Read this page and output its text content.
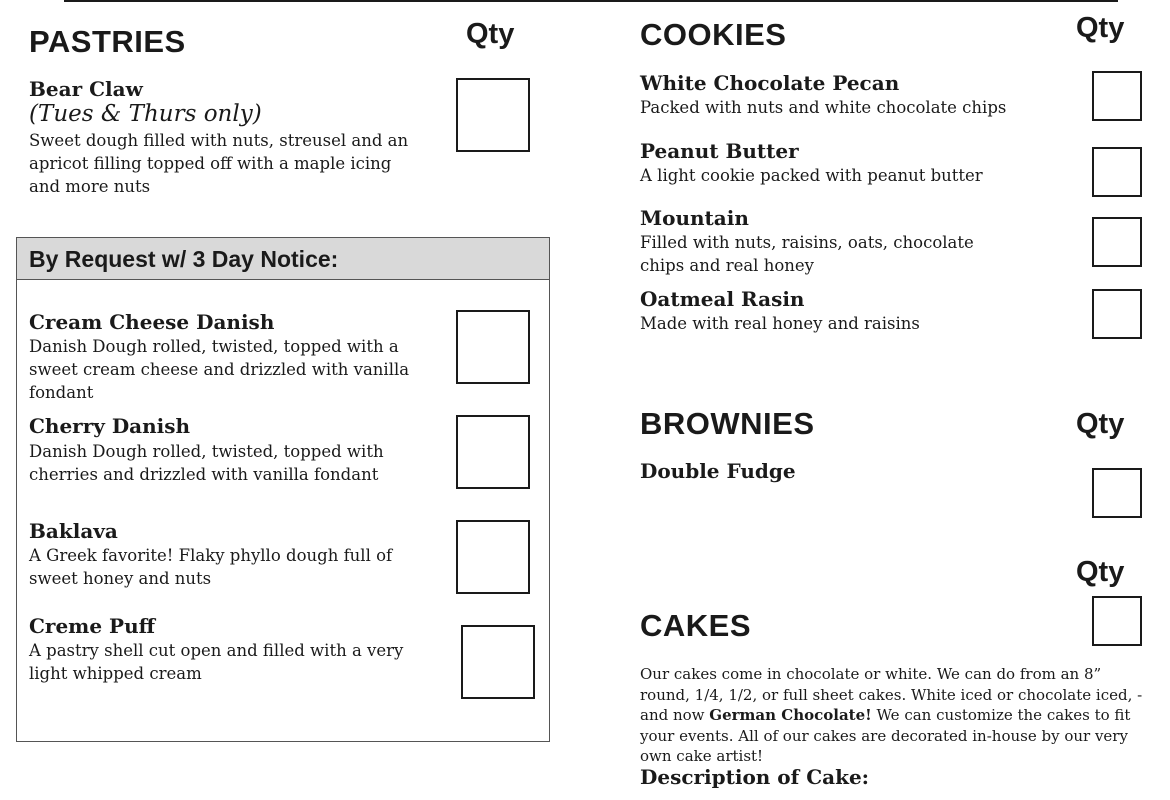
PASTRIES	Qty
Bear Claw
(Tues & Thurs only)
Sweet dough filled with nuts, streusel and an apricot filling topped off with a maple icing and more nuts
By Request w/ 3 Day Notice:
Cream Cheese Danish
Danish Dough rolled, twisted, topped with a sweet cream cheese and drizzled with vanilla fondant
Cherry Danish
Danish Dough rolled, twisted, topped with cherries and drizzled with vanilla fondant
Baklava
A Greek favorite! Flaky phyllo dough full of sweet honey and nuts
Creme Puff
A pastry shell cut open and filled with a very light whipped cream
COOKIES	Qty
White Chocolate Pecan
Packed with nuts and white chocolate chips
Peanut Butter
A light cookie packed with peanut butter
Mountain
Filled with nuts, raisins, oats, chocolate chips and real honey
Oatmeal Rasin
Made with real honey and raisins
BROWNIES	Qty
Double Fudge
Qty
CAKES
Our cakes come in chocolate or white. We can do from an 8” round, 1/4, 1/2, or full sheet cakes. White iced or chocolate iced, - and now German Chocolate! We can customize the cakes to fit your events. All of our cakes are decorated in-house by our very own cake artist!
Description of Cake:
